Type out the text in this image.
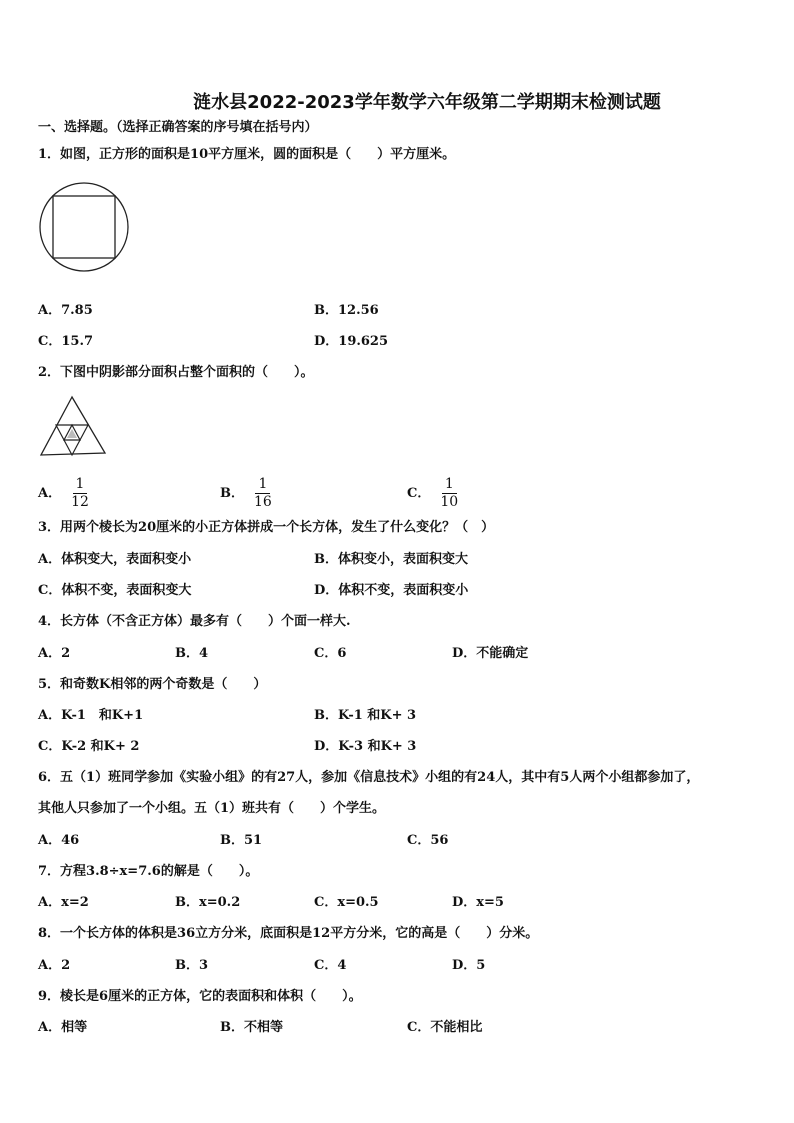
涟水县2022-2023学年数学六年级第二学期期末检测试题
一、选择题。（选择正确答案的序号填在括号内）
1．如图，正方形的面积是10平方厘米，圆的面积是（　　）平方厘米。
A．7.85	B．12.56
C．15.7	D．19.625
2．下图中阴影部分面积占整个面积的（　　）。
A． $\frac{1}{12}$	B． $\frac{1}{16}$	C． $\frac{1}{10}$
3．用两个棱长为20厘米的小正方体拼成一个长方体，发生了什么变化？（　）
A．体积变大，表面积变小	B．体积变小，表面积变大
C．体积不变，表面积变大	D．体积不变，表面积变小
4．长方体（不含正方体）最多有（　　）个面一样大.
A．2	B．4	C．6	D．不能确定
5．和奇数K相邻的两个奇数是（　　）
A．K-1　和K+1	B．K-1 和K+ 3
C．K-2 和K+ 2	D．K-3 和K+ 3
6．五（1）班同学参加《实验小组》的有27人，参加《信息技术》小组的有24人，其中有5人两个小组都参加了，
其他人只参加了一个小组。五（1）班共有（　　）个学生。
A．46	B．51	C．56
7．方程3.8÷x=7.6的解是（　　）。
A．x=2	B．x=0.2	C．x=0.5	D．x=5
8．一个长方体的体积是36立方分米，底面积是12平方分米，它的高是（　　）分米。
A．2	B．3	C．4	D．5
9．棱长是6厘米的正方体，它的表面积和体积（　　）。
A．相等	B．不相等	C．不能相比
